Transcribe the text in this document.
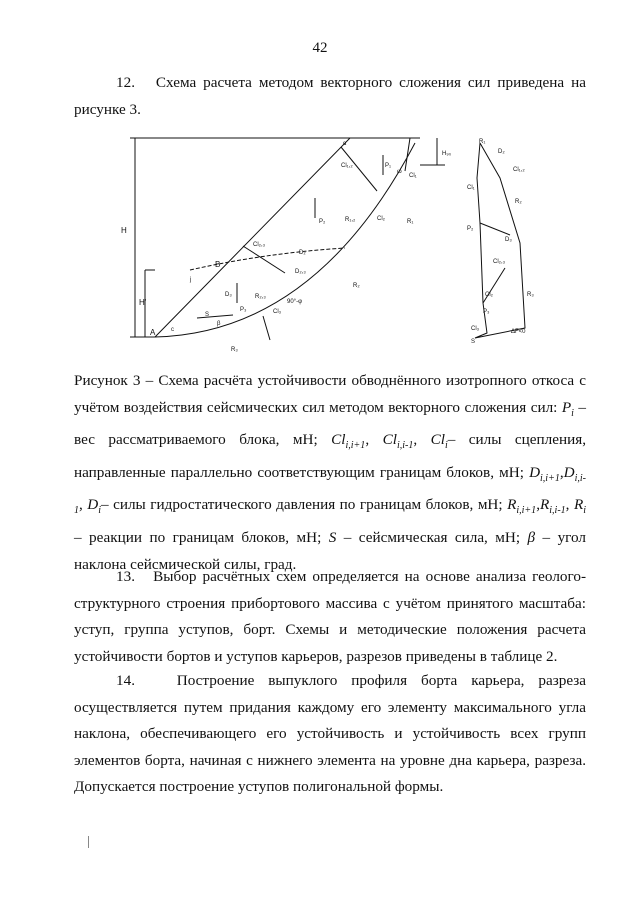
42

12.   Схема расчета методом векторного сложения сил приведена на рисунке 3.

H
H'
H₉₀
A
B
α
c
j
P₁
P₂
P₃
ω
Cl₁
Cl₂
Cl₃
Cl₁,₂
Cl₂,₃
R₁
R₂
R₃
R₁,₂
R₂,₃
D₂
D₃
D₂,₃
S
β
90°-φ
R₁
D₂
Cl₁,₂
Cl₁
R₂
P₂
D₃
Cl₂,₃
Cl₂	R₃
P₃
Cl₃	ΔF<0
S

Рисунок 3 – Схема расчёта устойчивости обводнённого изотропного откоса с учётом воздействия сейсмических сил методом векторного сложения сил: $P_i$ – вес рассматриваемого блока, мН; $Cl_{i,i+1}$, $Cl_{i,i-1}$, $Cl_i-$ силы сцепления, направленные параллельно соответствующим границам блоков, мН; $D_{i,i+1},D_{i,i-1}$, $D_i-$ силы гидростатического давления по границам блоков, мН; $R_{i,i+1},R_{i,i-1}$, $R_i$ – реакции по границам блоков, мН; S – сейсмическая сила, мН; β – угол наклона сейсмической силы, град.

13.   Выбор расчётных схем определяется на основе анализа геолого-структурного строения прибортового массива с учётом принятого масштаба: уступ, группа уступов, борт. Схемы и методические положения расчета устойчивости бортов и уступов карьеров, разрезов приведены в таблице 2.

14.   Построение выпуклого профиля борта карьера, разреза осуществляется путем придания каждому его элементу максимального угла наклона, обеспечивающего его устойчивость и устойчивость всех групп элементов борта, начиная с нижнего элемента на уровне дна карьера, разреза. Допускается построение уступов полигональной формы.
